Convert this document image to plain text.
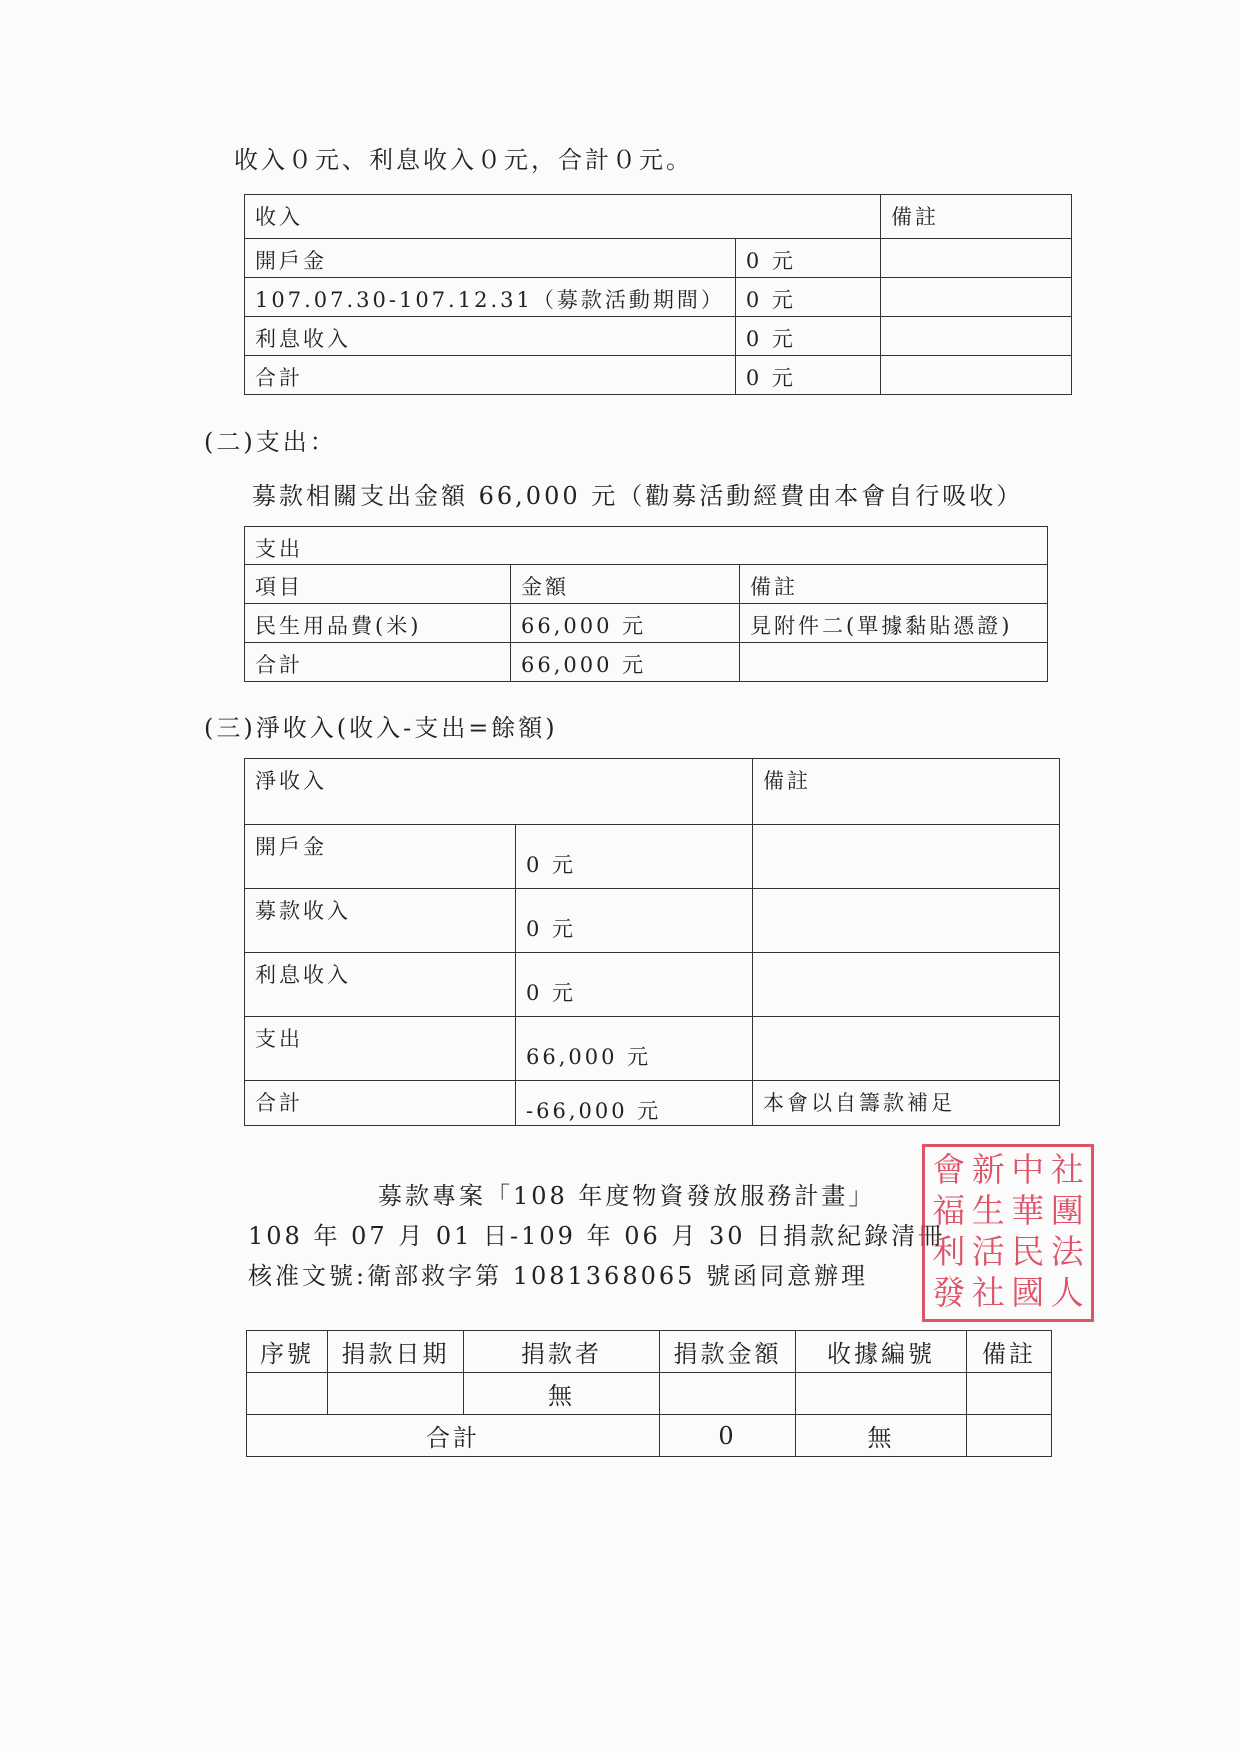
收入０元、利息收入０元，合計０元。
收入		備註
開戶金	0 元	
107.07.30-107.12.31（募款活動期間）	0 元	
利息收入	0 元	
合計	0 元	
(二)支出：
募款相關支出金額 66,000 元（勸募活動經費由本會自行吸收）
支出		
項目	金額	備註
民生用品費(米)	66,000 元	見附件二(單據黏貼憑證)
合計	66,000 元	
(三)淨收入(收入-支出=餘額)
淨收入		備註
開戶金	0 元	
募款收入	0 元	
利息收入	0 元	
支出	66,000 元	
合計	-66,000 元	本會以自籌款補足
募款專案「108 年度物資發放服務計畫」
108 年 07 月 01 日-109 年 06 月 30 日捐款紀錄清冊
核准文號:衛部救字第 1081368065 號函同意辦理
社
團
法
人
中
華
民
國
新
生
活
社
會
福
利
發
序號	捐款日期	捐款者	捐款金額	收據編號	備註
		無			
合計			0	無	
